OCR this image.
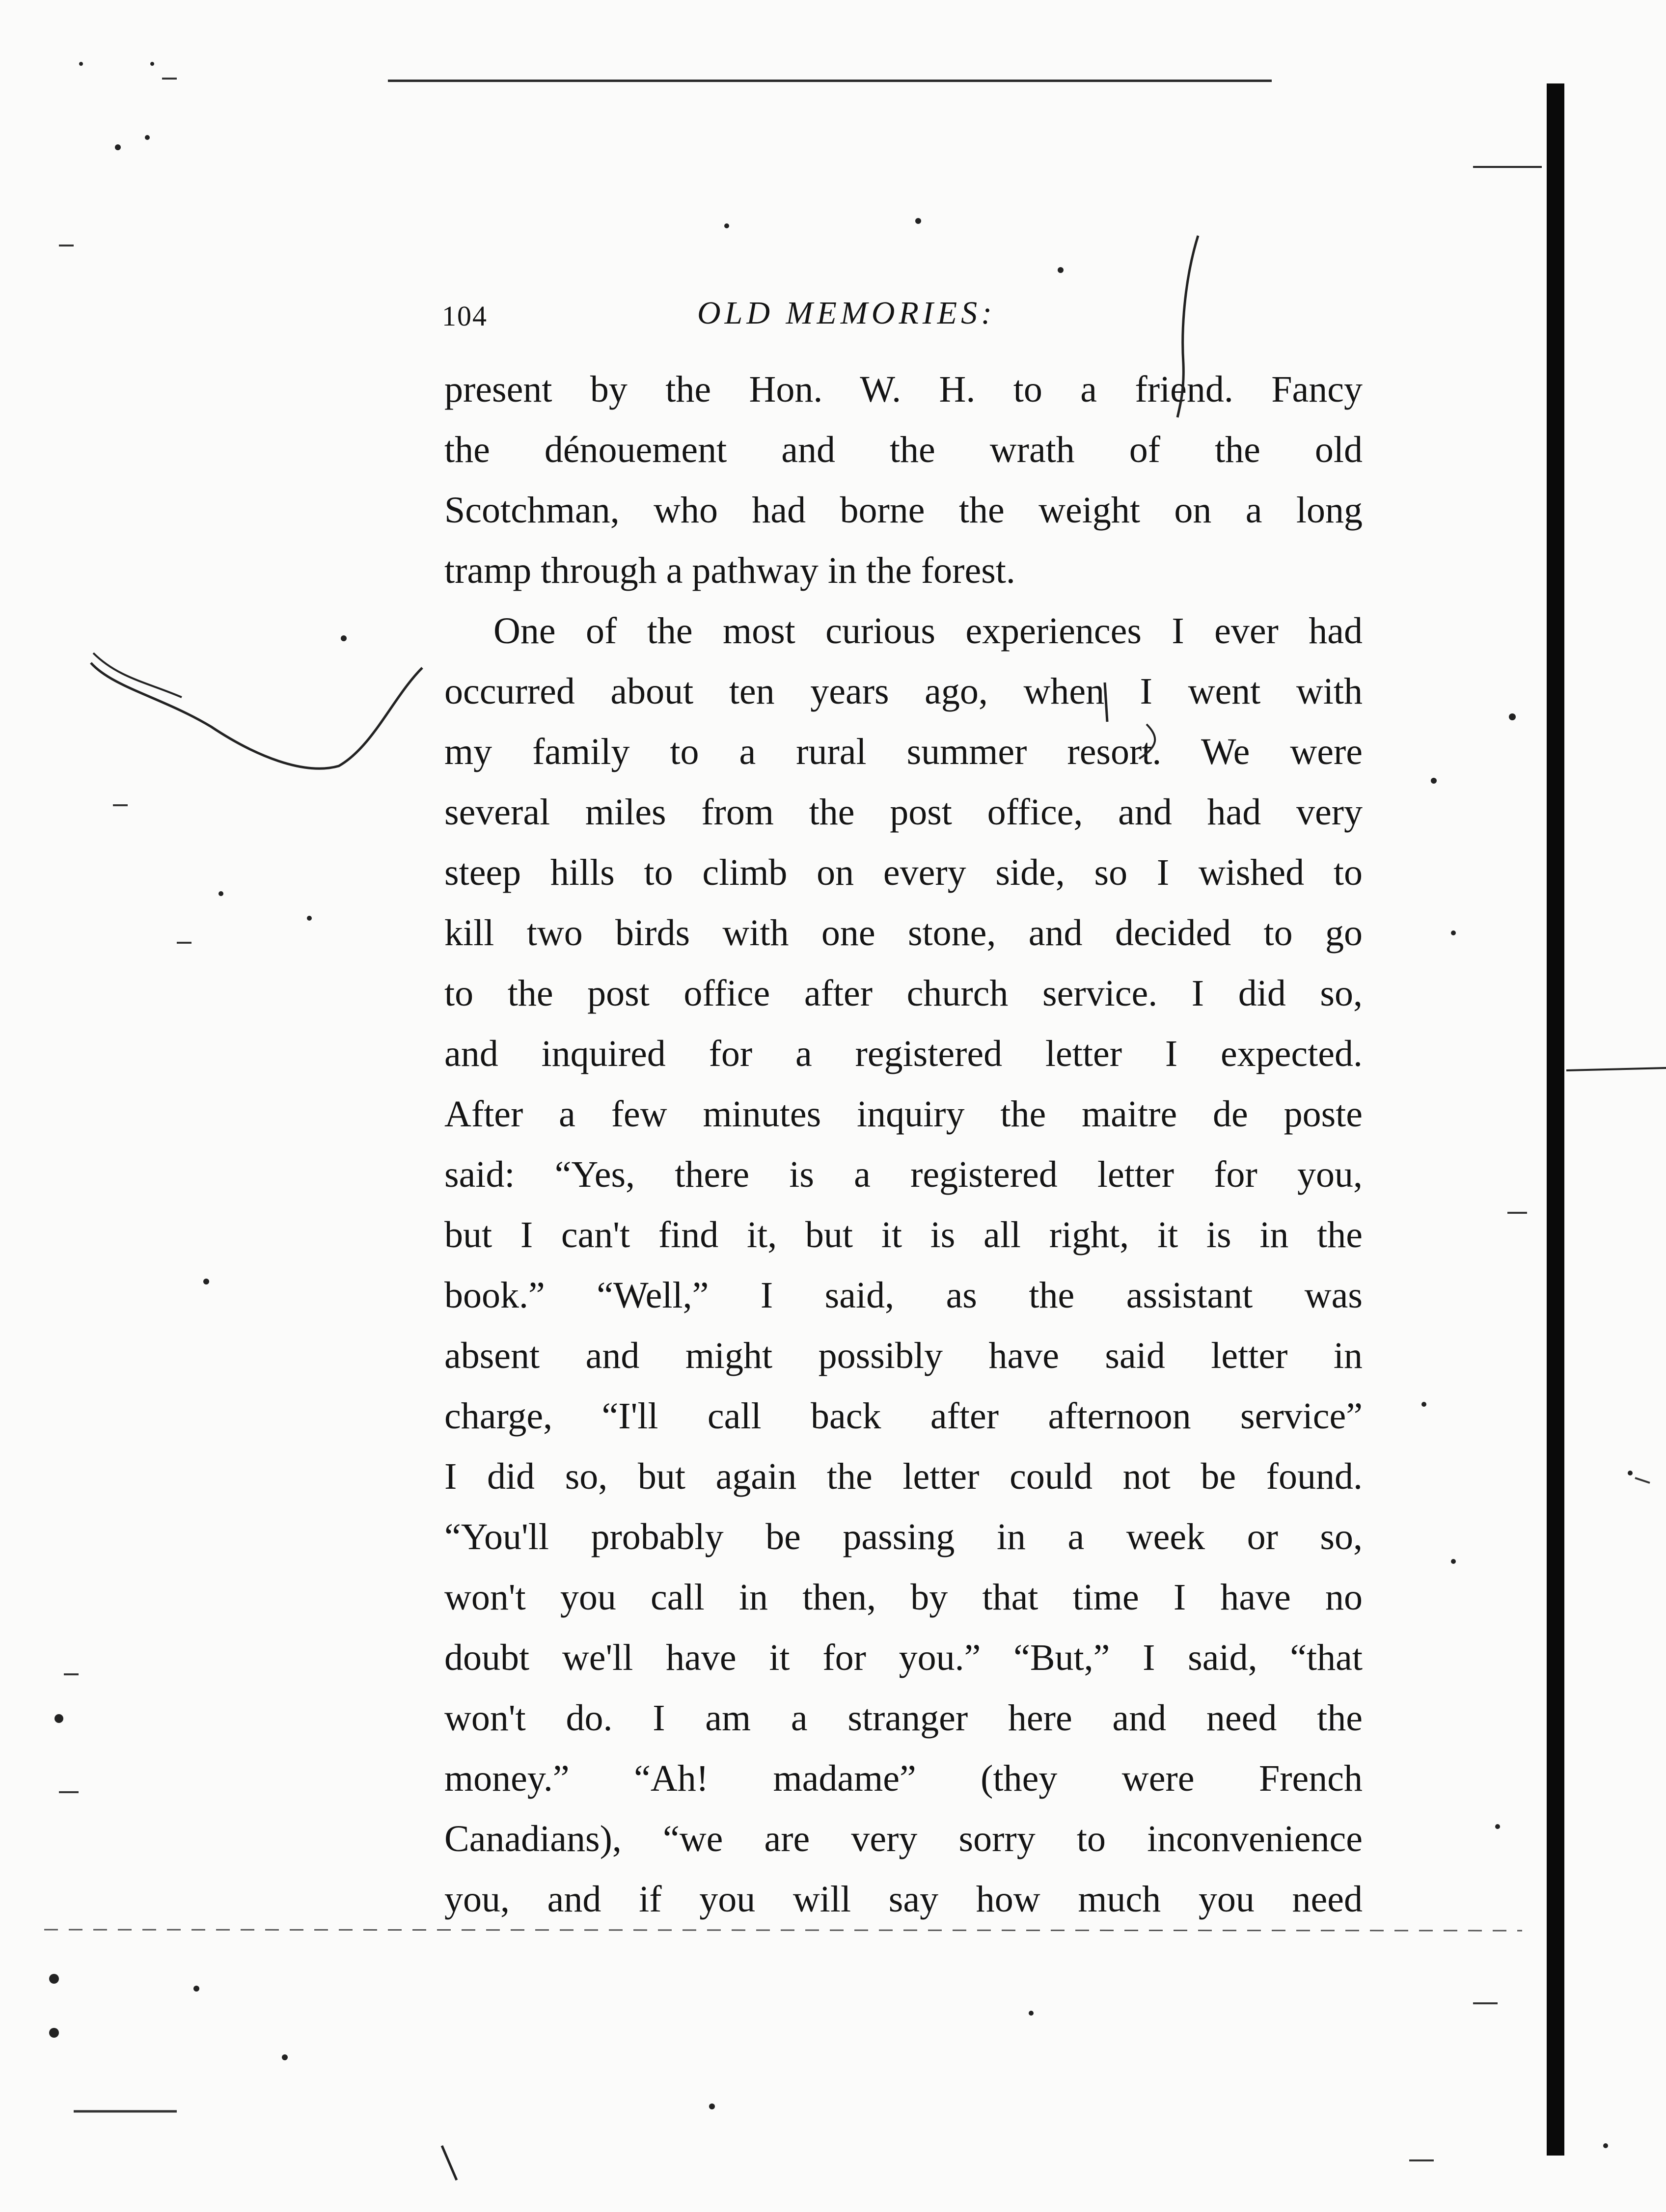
104	OLD MEMORIES:
present by the Hon. W. H. to a friend. Fancy
the dénouement and the wrath of the old
Scotchman, who had borne the weight on a long
tramp through a pathway in the forest.
One of the most curious experiences I ever had
occurred about ten years ago, when I went with
my family to a rural summer resort. We were
several miles from the post office, and had very
steep hills to climb on every side, so I wished to
kill two birds with one stone, and decided to go
to the post office after church service. I did so,
and inquired for a registered letter I expected.
After a few minutes inquiry the maitre de poste
said: “Yes, there is a registered letter for you,
but I can't find it, but it is all right, it is in the
book.” “Well,” I said, as the assistant was
absent and might possibly have said letter in
charge, “I'll call back after afternoon service”
I did so, but again the letter could not be found.
“You'll probably be passing in a week or so,
won't you call in then, by that time I have no
doubt we'll have it for you.” “But,” I said, “that
won't do. I am a stranger here and need the
money.” “Ah! madame” (they were French
Canadians), “we are very sorry to inconvenience
you, and if you will say how much you need
